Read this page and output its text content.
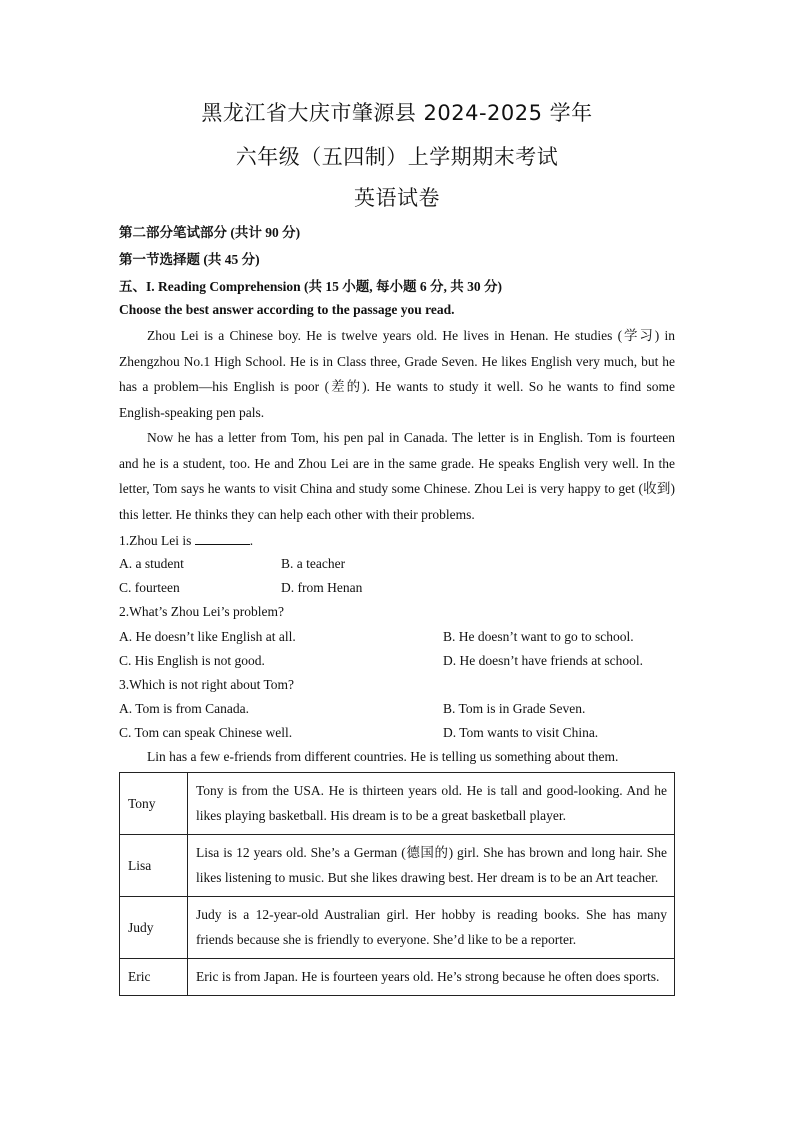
黑龙江省大庆市肇源县 2024-2025 学年
六年级（五四制）上学期期末考试
英语试卷
第二部分笔试部分 (共计 90 分)
第一节选择题 (共 45 分)
五、I. Reading Comprehension (共 15 小题, 每小题 6 分, 共 30 分)
Choose the best answer according to the passage you read.

Zhou Lei is a Chinese boy. He is twelve years old. He lives in Henan. He studies (学习) in Zhengzhou No.1 High School. He is in Class three, Grade Seven. He likes English very much, but he has a problem—his English is poor (差的). He wants to study it well. So he wants to find some English-speaking pen pals.

Now he has a letter from Tom, his pen pal in Canada. The letter is in English. Tom is fourteen and he is a student, too. He and Zhou Lei are in the same grade. He speaks English very well. In the letter, Tom says he wants to visit China and study some Chinese. Zhou Lei is very happy to get (收到) this letter. He thinks they can help each other with their problems.

1.Zhou Lei is	.
A. a student	B. a teacher
C. fourteen	D. from Henan
2.What’s Zhou Lei’s problem?
A. He doesn’t like English at all.	B. He doesn’t want to go to school.
C. His English is not good.	D. He doesn’t have friends at school.
3.Which is not right about Tom?
A. Tom is from Canada.	B. Tom is in Grade Seven.
C. Tom can speak Chinese well.	D. Tom wants to visit China.
Lin has a few e-friends from different countries. He is telling us something about them.
Tony	Tony is from the USA. He is thirteen years old. He is tall and good-looking. And he likes playing basketball. His dream is to be a great basketball player.
Lisa	Lisa is 12 years old. She’s a German (德国的) girl. She has brown and long hair. She likes listening to music. But she likes drawing best. Her dream is to be an Art teacher.
Judy	Judy is a 12-year-old Australian girl. Her hobby is reading books. She has many friends because she is friendly to everyone. She’d like to be a reporter.
Eric	Eric is from Japan. He is fourteen years old. He’s strong because he often does sports.
